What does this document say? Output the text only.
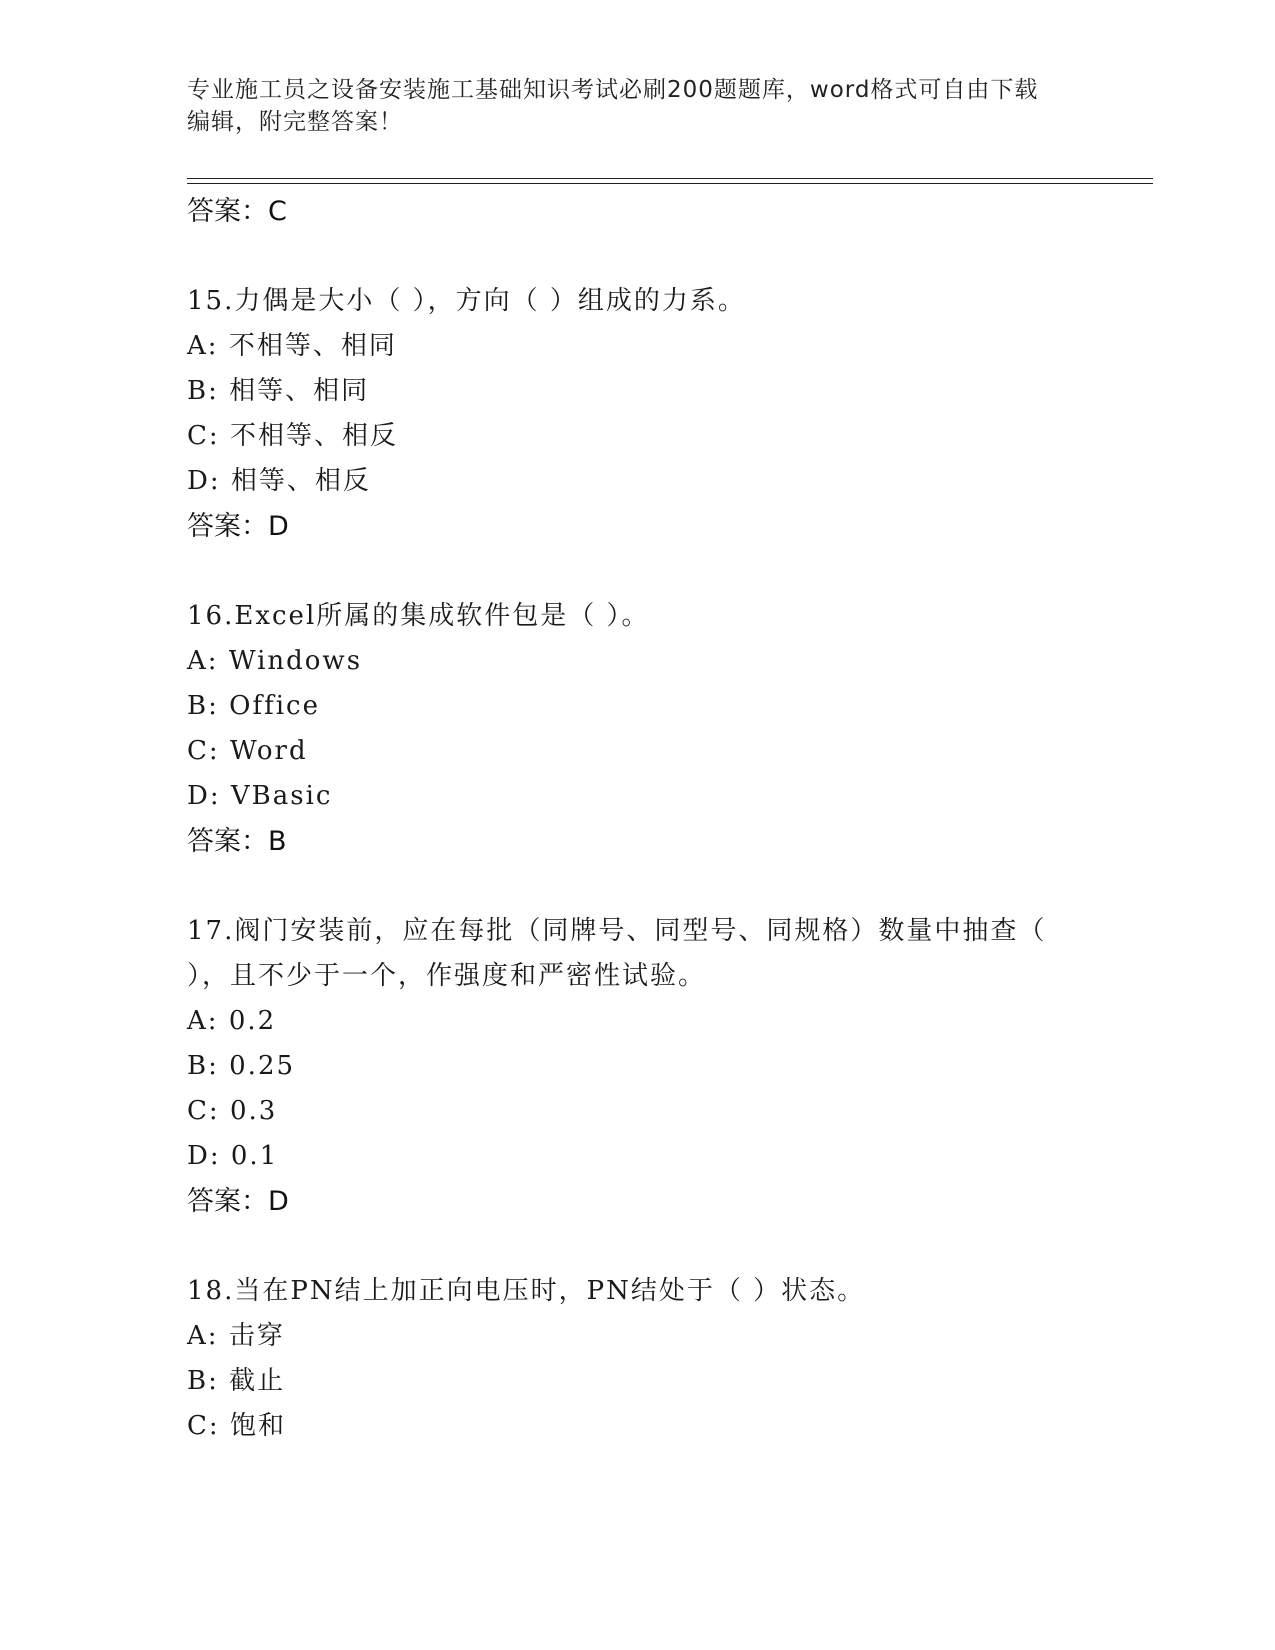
专业施工员之设备安装施工基础知识考试必刷200题题库，word格式可自由下载
编辑，附完整答案！
答案：C
15.力偶是大小（ ），方向（ ）组成的力系。
A: 不相等、相同
B: 相等、相同
C: 不相等、相反
D: 相等、相反
答案：D
16.Excel所属的集成软件包是（ ）。
A: Windows
B: Office
C: Word
D: VBasic
答案：B
17.阀门安装前，应在每批（同牌号、同型号、同规格）数量中抽查（
），且不少于一个，作强度和严密性试验。
A: 0.2
B: 0.25
C: 0.3
D: 0.1
答案：D
18.当在PN结上加正向电压时，PN结处于（ ）状态。
A: 击穿
B: 截止
C: 饱和
